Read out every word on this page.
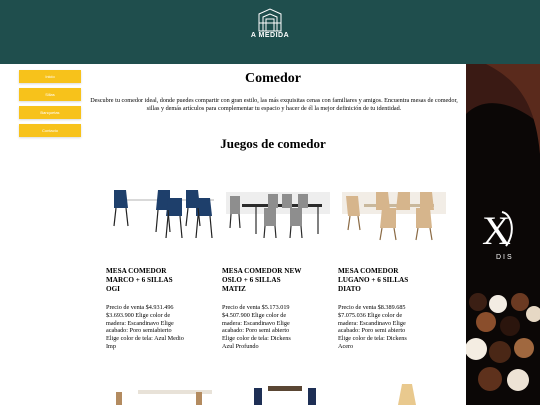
A MEDIDA
Inicio
Sillas
Banquetas
Contacto
Comedor

Descubre tu comedor ideal, donde puedes compartir con gran estilo, las más exquisitas cenas con familiares y amigos. Encuentra mesas de comedor, sillas y demás artículos para complementar tu espacio y hacer de él la mejor definición de tu identidad.

Juegos de comedor

MESA COMEDOR MARCO + 6 SILLAS OGI

Precio de venta $4.931.496 $3.693.900 Elige color de madera: Escandinavo Elige acabado: Poro semiabierto Elige color de tela: Azul Medio Imp

MESA COMEDOR NEW OSLO + 6 SILLAS MATIZ

Precio de venta $5.173.019 $4.507.900 Elige color de madera: Escandinavo Elige acabado: Poro semi abierto Elige color de tela: Dickens Azul Profundo

MESA COMEDOR LUGANO + 6 SILLAS DIATO

Precio de venta $8.389.685 $7.075.036 Elige color de madera: Escandinavo Elige acabado: Poro semi abierto Elige color de tela: Dickens Acero

X
DIS
